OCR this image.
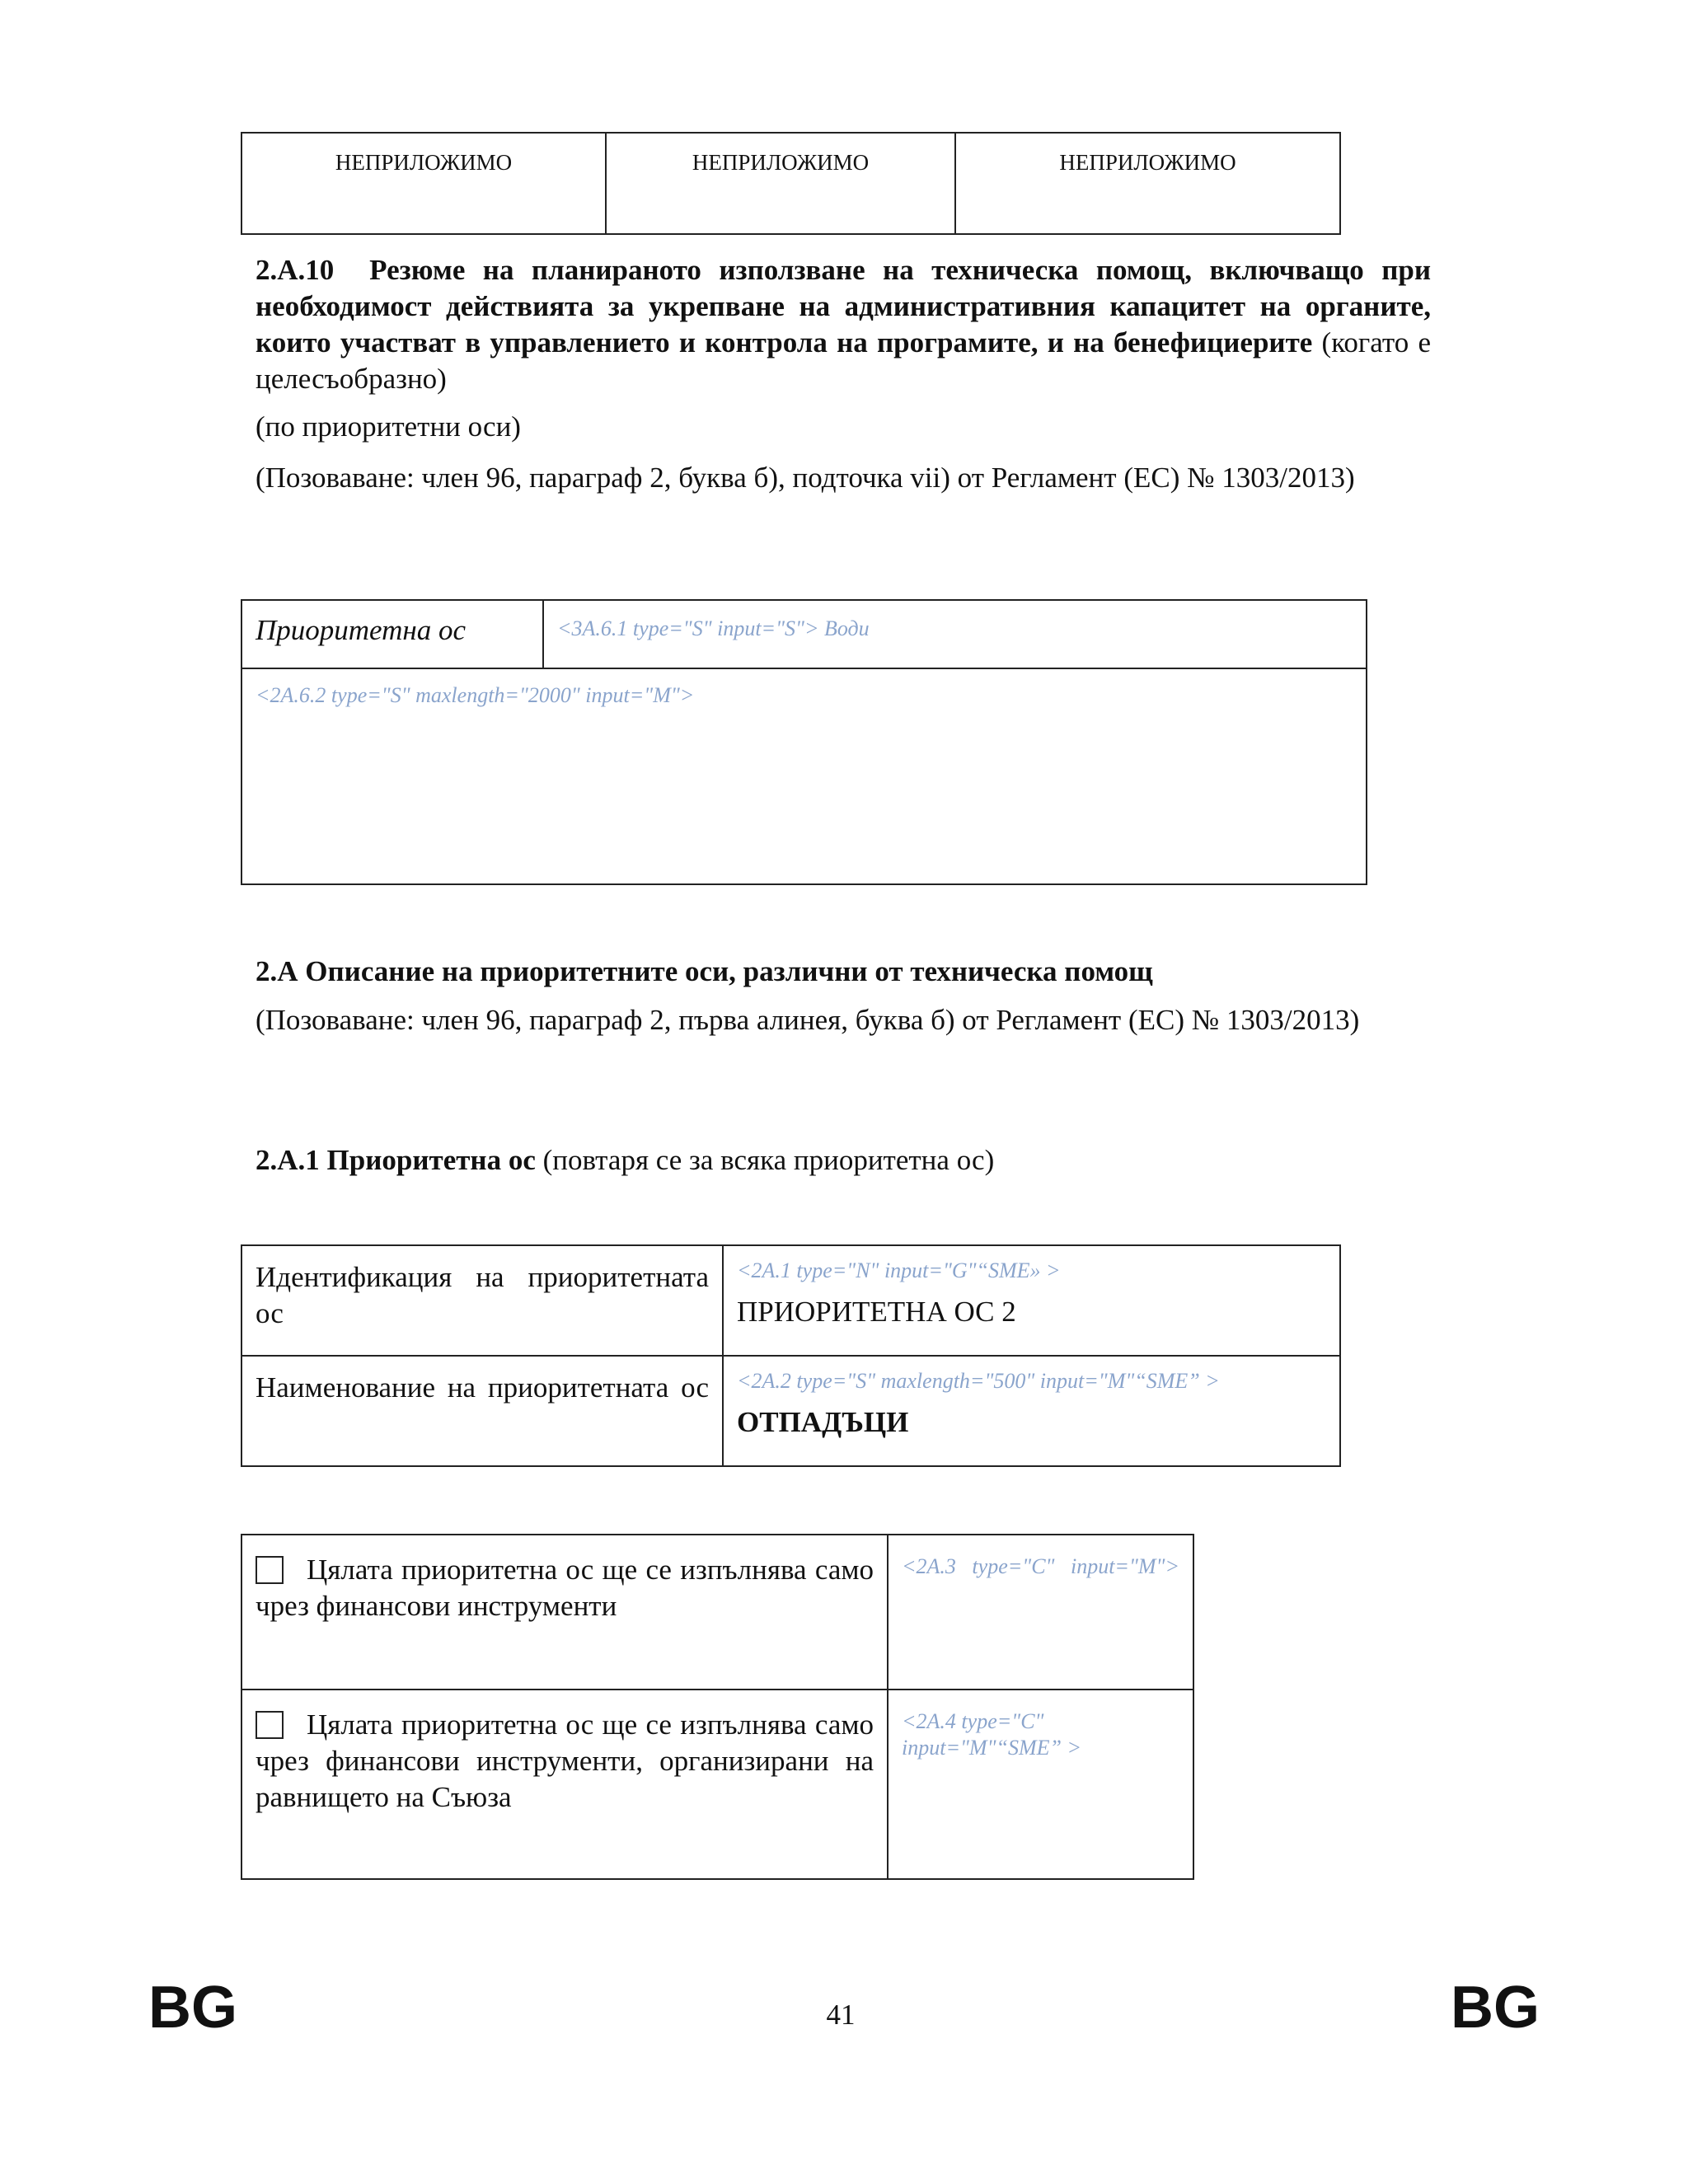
НЕПРИЛОЖИМО	НЕПРИЛОЖИМО	НЕПРИЛОЖИМО
2.А.10 Резюме на планираното използване на техническа помощ, включващо при необходимост действията за укрепване на административния капацитет на органите, които участват в управлението и контрола на програмите, и на бенефициерите (когато е целесъобразно)
(по приоритетни оси)
(Позоваване: член 96, параграф 2, буква б), подточка vii) от Регламент (ЕС) № 1303/2013)
Приоритетна ос	<3A.6.1 type="S" input="S"> Води
<2A.6.2 type="S" maxlength="2000" input="M">
2.А Описание на приоритетните оси, различни от техническа помощ
(Позоваване: член 96, параграф 2, първа алинея, буква б) от Регламент (ЕС) № 1303/2013)
2.А.1 Приоритетна ос (повтаря се за всяка приоритетна ос)
Идентификация на приоритетната ос	<2A.1 type="N" input="G"“SME» >
ПРИОРИТЕТНА ОС 2

Наименование на приоритетната ос	<2A.2 type="S" maxlength="500" input="M"“SME” >
ОТПАДЪЦИ
Цялата приоритетна ос ще се изпълнява само чрез финансови инструменти	<2A.3 type="C" input="M">

Цялата приоритетна ос ще се изпълнява само чрез финансови инструменти, организирани на равнището на Съюза	<2A.4 type="C" input="M"“SME” >
BG	41	BG
